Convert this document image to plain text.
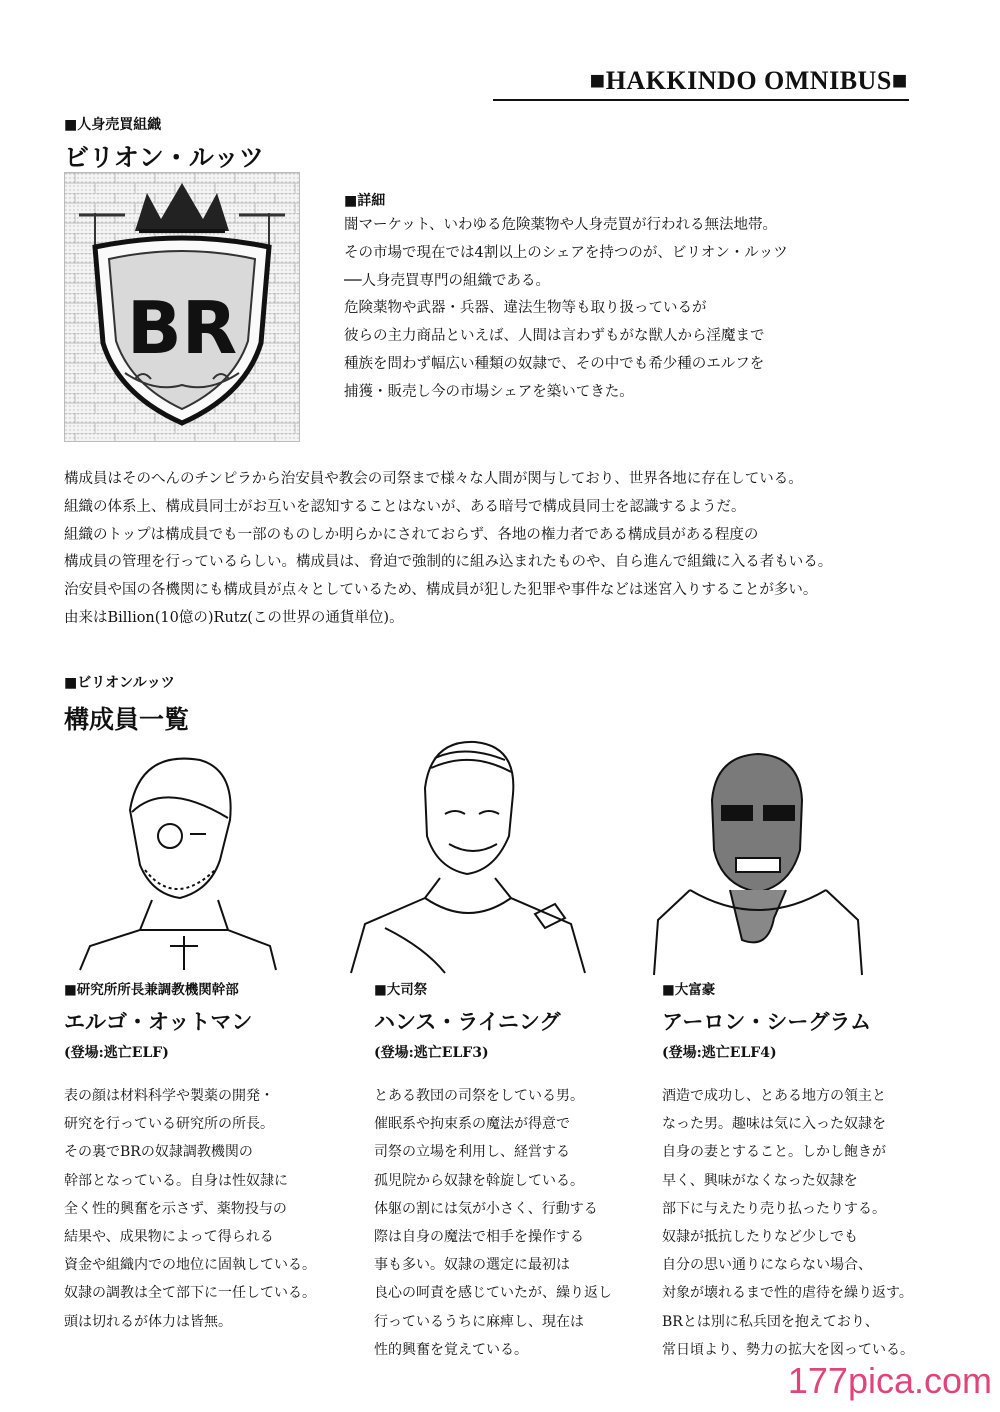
■HAKKINDO OMNIBUS■
■人身売買組織
ビリオン・ルッツ
BR
■詳細

闇マーケット、いわゆる危険薬物や人身売買が行われる無法地帯。

その市場で現在では4割以上のシェアを持つのが、ビリオン・ルッツ

──人身売買専門の組織である。

危険薬物や武器・兵器、違法生物等も取り扱っているが

彼らの主力商品といえば、人間は言わずもがな獣人から淫魔まで

種族を問わず幅広い種類の奴隷で、その中でも希少種のエルフを

捕獲・販売し今の市場シェアを築いてきた。

構成員はそのへんのチンピラから治安員や教会の司祭まで様々な人間が関与しており、世界各地に存在している。

組織の体系上、構成員同士がお互いを認知することはないが、ある暗号で構成員同士を認識するようだ。

組織のトップは構成員でも一部のものしか明らかにされておらず、各地の権力者である構成員がある程度の

構成員の管理を行っているらしい。構成員は、脅迫で強制的に組み込まれたものや、自ら進んで組織に入る者もいる。

治安員や国の各機関にも構成員が点々としているため、構成員が犯した犯罪や事件などは迷宮入りすることが多い。

由来はBillion(10億の)Rutz(この世界の通貨単位)。

■ビリオンルッツ
構成員一覧
■研究所所長兼調教機関幹部
エルゴ・オットマン
(登場:逃亡ELF)

表の顔は材料科学や製薬の開発・

研究を行っている研究所の所長。

その裏でBRの奴隷調教機関の

幹部となっている。自身は性奴隷に

全く性的興奮を示さず、薬物投与の

結果や、成果物によって得られる

資金や組織内での地位に固執している。

奴隷の調教は全て部下に一任している。

頭は切れるが体力は皆無。

■大司祭
ハンス・ライニング
(登場:逃亡ELF3)

とある教団の司祭をしている男。

催眠系や拘束系の魔法が得意で

司祭の立場を利用し、経営する

孤児院から奴隷を斡旋している。

体躯の割には気が小さく、行動する

際は自身の魔法で相手を操作する

事も多い。奴隷の選定に最初は

良心の呵責を感じていたが、繰り返し

行っているうちに麻痺し、現在は

性的興奮を覚えている。

■大富豪
アーロン・シーグラム
(登場:逃亡ELF4)

酒造で成功し、とある地方の領主と

なった男。趣味は気に入った奴隷を

自身の妻とすること。しかし飽きが

早く、興味がなくなった奴隷を

部下に与えたり売り払ったりする。

奴隷が抵抗したりなど少しでも

自分の思い通りにならない場合、

対象が壊れるまで性的虐待を繰り返す。

BRとは別に私兵団を抱えており、

常日頃より、勢力の拡大を図っている。

177pica.com
